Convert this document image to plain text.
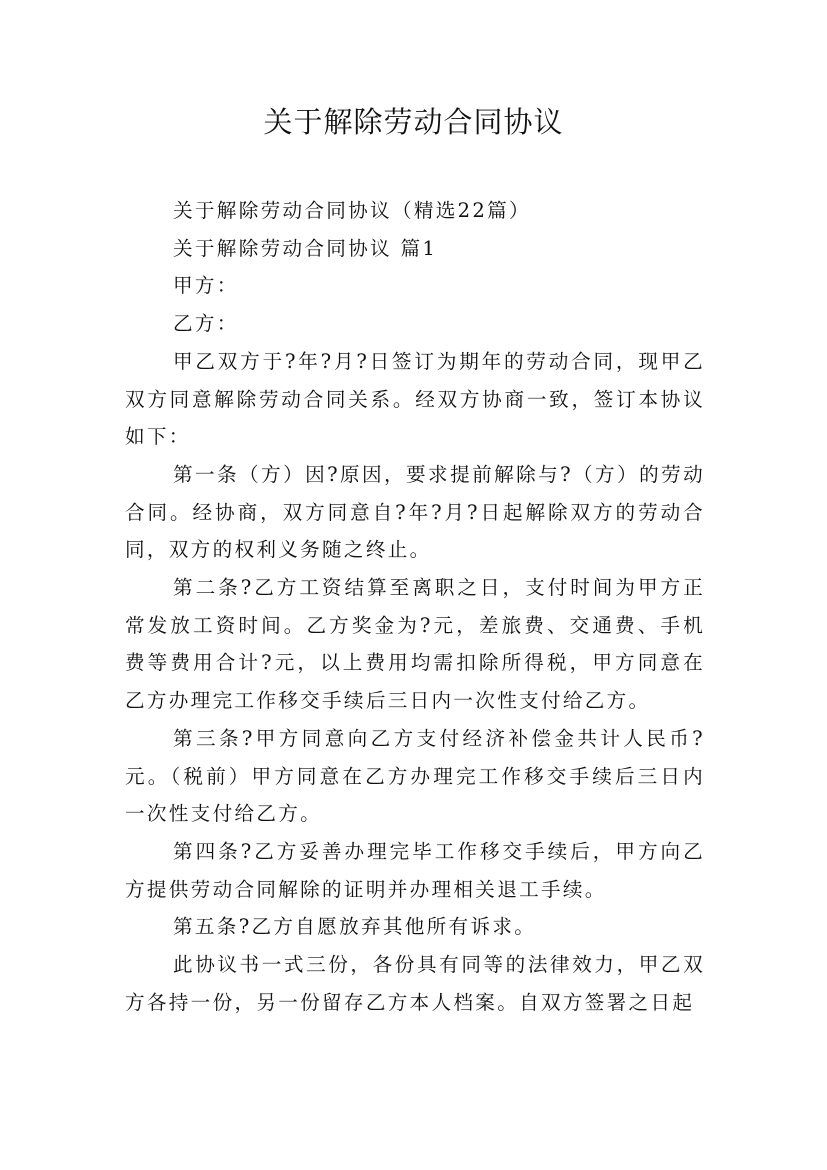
关于解除劳动合同协议

关于解除劳动合同协议（精选22篇）

关于解除劳动合同协议 篇1

甲方：

乙方：

甲乙双方于?年?月?日签订为期年的劳动合同，现甲乙双方同意解除劳动合同关系。经双方协商一致，签订本协议如下：

第一条（方）因?原因，要求提前解除与?（方）的劳动合同。经协商，双方同意自?年?月?日起解除双方的劳动合同，双方的权利义务随之终止。

第二条?乙方工资结算至离职之日，支付时间为甲方正常发放工资时间。乙方奖金为?元，差旅费、交通费、手机费等费用合计?元，以上费用均需扣除所得税，甲方同意在乙方办理完工作移交手续后三日内一次性支付给乙方。

第三条?甲方同意向乙方支付经济补偿金共计人民币?元。（税前）甲方同意在乙方办理完工作移交手续后三日内一次性支付给乙方。

第四条?乙方妥善办理完毕工作移交手续后，甲方向乙方提供劳动合同解除的证明并办理相关退工手续。

第五条?乙方自愿放弃其他所有诉求。

此协议书一式三份，各份具有同等的法律效力，甲乙双方各持一份，另一份留存乙方本人档案。自双方签署之日起
